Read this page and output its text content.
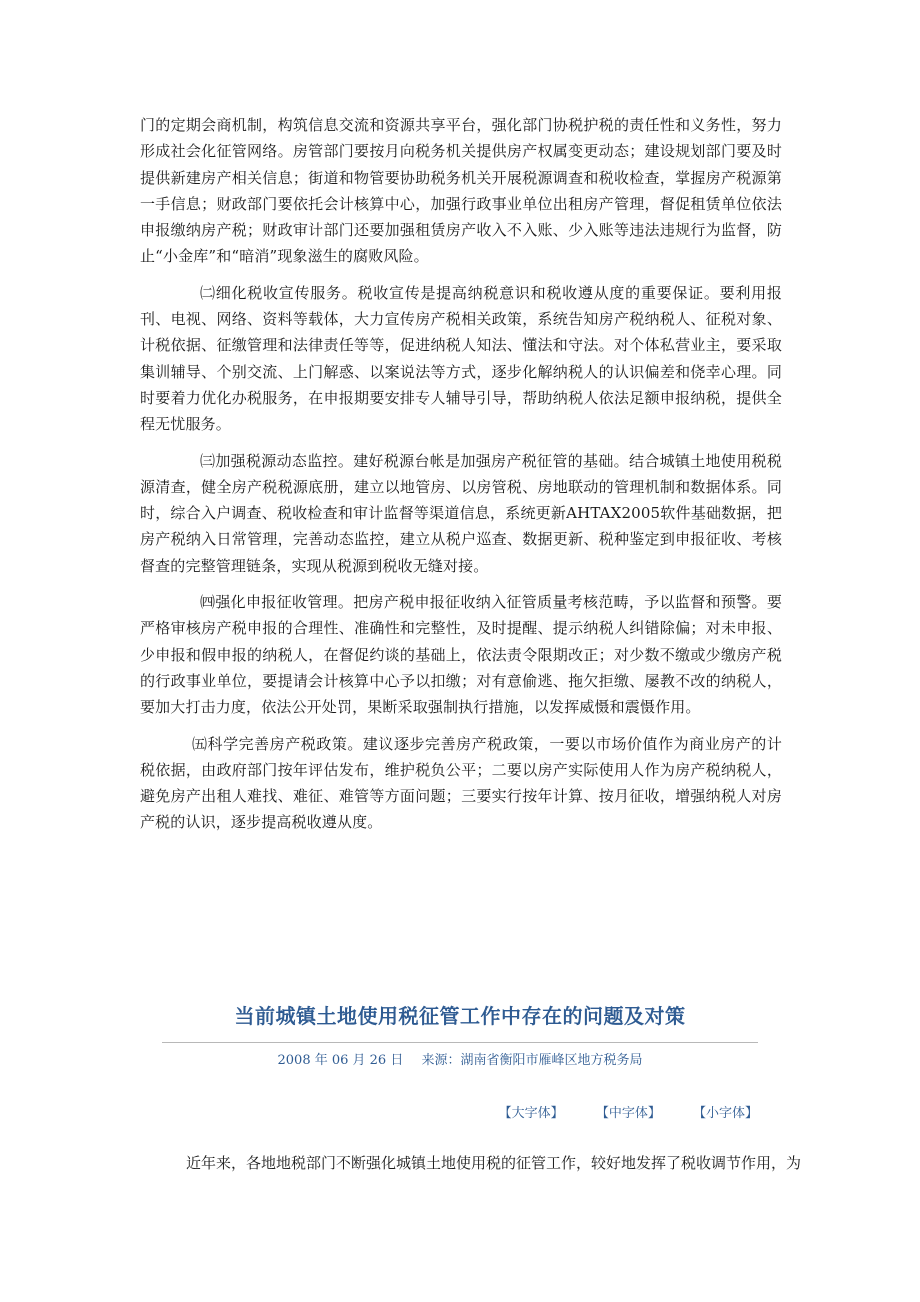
门的定期会商机制，构筑信息交流和资源共享平台，强化部门协税护税的责任性和义务性，努力形成社会化征管网络。房管部门要按月向税务机关提供房产权属变更动态；建设规划部门要及时提供新建房产相关信息；街道和物管要协助税务机关开展税源调查和税收检查，掌握房产税源第一手信息；财政部门要依托会计核算中心，加强行政事业单位出租房产管理，督促租赁单位依法申报缴纳房产税；财政审计部门还要加强租赁房产收入不入账、少入账等违法违规行为监督，防止“小金库”和“暗消”现象滋生的腐败风险。

㈡细化税收宣传服务。税收宣传是提高纳税意识和税收遵从度的重要保证。要利用报刊、电视、网络、资料等载体，大力宣传房产税相关政策，系统告知房产税纳税人、征税对象、计税依据、征缴管理和法律责任等等，促进纳税人知法、懂法和守法。对个体私营业主，要采取集训辅导、个别交流、上门解惑、以案说法等方式，逐步化解纳税人的认识偏差和侥幸心理。同时要着力优化办税服务，在申报期要安排专人辅导引导，帮助纳税人依法足额申报纳税，提供全程无忧服务。

㈢加强税源动态监控。建好税源台帐是加强房产税征管的基础。结合城镇土地使用税税源清查，健全房产税税源底册，建立以地管房、以房管税、房地联动的管理机制和数据体系。同时，综合入户调查、税收检查和审计监督等渠道信息，系统更新AHTAX2005软件基础数据，把房产税纳入日常管理，完善动态监控，建立从税户巡查、数据更新、税种鉴定到申报征收、考核督查的完整管理链条，实现从税源到税收无缝对接。

㈣强化申报征收管理。把房产税申报征收纳入征管质量考核范畴，予以监督和预警。要严格审核房产税申报的合理性、准确性和完整性，及时提醒、提示纳税人纠错除偏；对未申报、少申报和假申报的纳税人，在督促约谈的基础上，依法责令限期改正；对少数不缴或少缴房产税的行政事业单位，要提请会计核算中心予以扣缴；对有意偷逃、拖欠拒缴、屡教不改的纳税人，要加大打击力度，依法公开处罚，果断采取强制执行措施，以发挥威慑和震慑作用。

㈤科学完善房产税政策。建议逐步完善房产税政策，一要以市场价值作为商业房产的计税依据，由政府部门按年评估发布，维护税负公平；二要以房产实际使用人作为房产税纳税人，避免房产出租人难找、难征、难管等方面问题；三要实行按年计算、按月征收，增强纳税人对房产税的认识，逐步提高税收遵从度。

当前城镇土地使用税征管工作中存在的问题及对策
2008 年 06 月 26 日 来源：湖南省衡阳市雁峰区地方税务局
【大字体】 【中字体】 【小字体】
近年来，各地地税部门不断强化城镇土地使用税的征管工作，较好地发挥了税收调节作用，为
